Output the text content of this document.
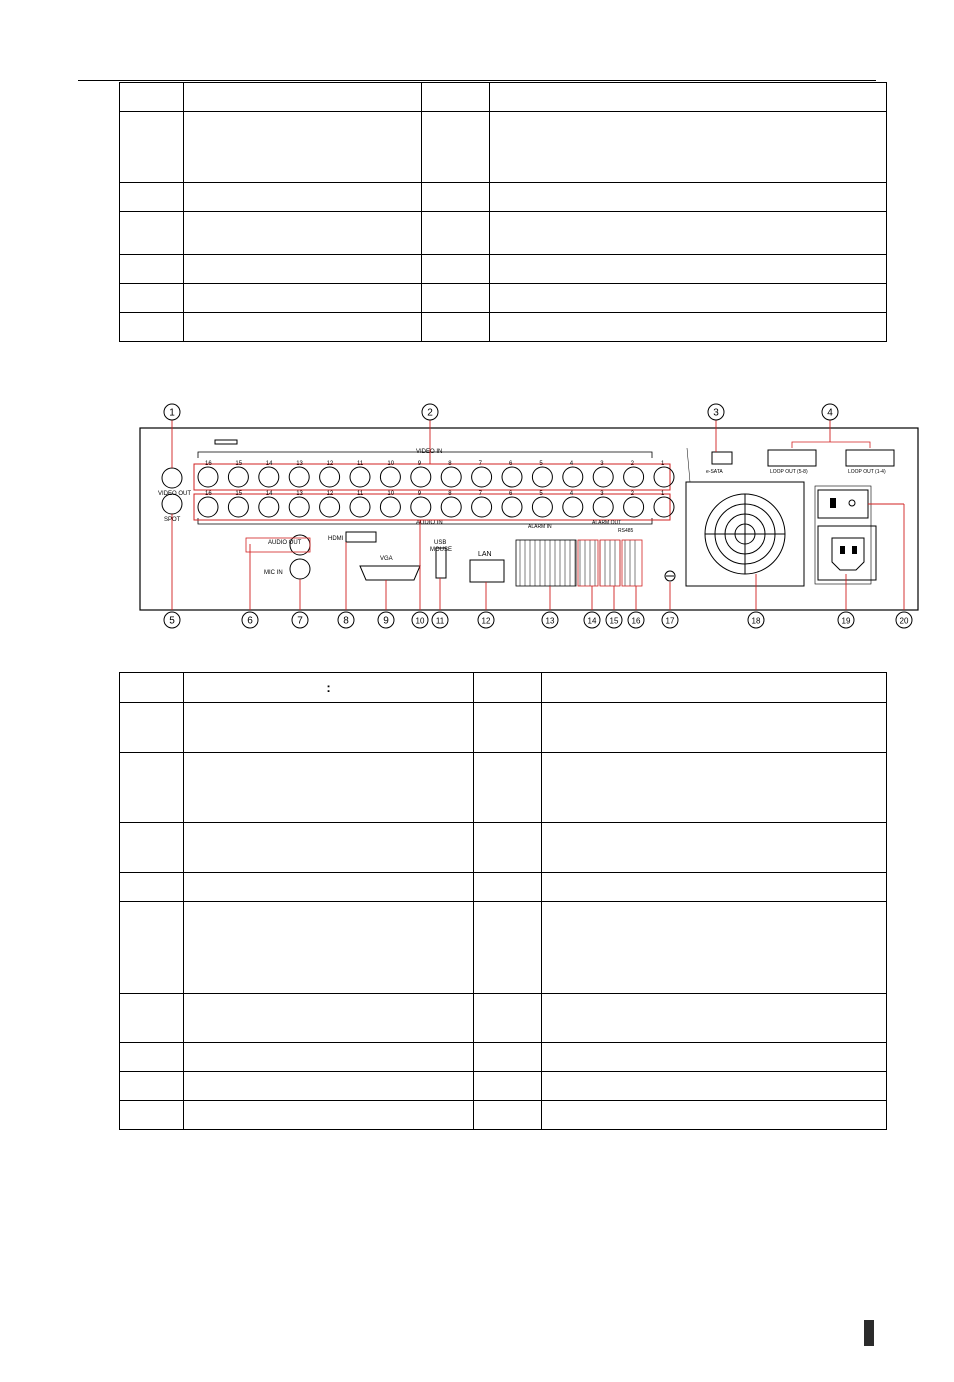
VIDEO OUT
SPOT
VIDEO IN
AUDIO IN
16
16
15
15
14
14
13
13
12
12
11
11
10
10
9
9
8
8
7
7
6
6
5
5
4
4
3
3
2
2
1
1
AUDIO OUT
MIC IN
HDMI
VGA
USB
MOUSE
LAN
ALARM IN
ALARM OUT
RS485
e-SATA	LOOP OUT (5-8)	LOOP OUT (1-4)
1	2	3	4
5	6	7	8	9	10 11	12	13	14 15 16	17	18	19	20
	:		
